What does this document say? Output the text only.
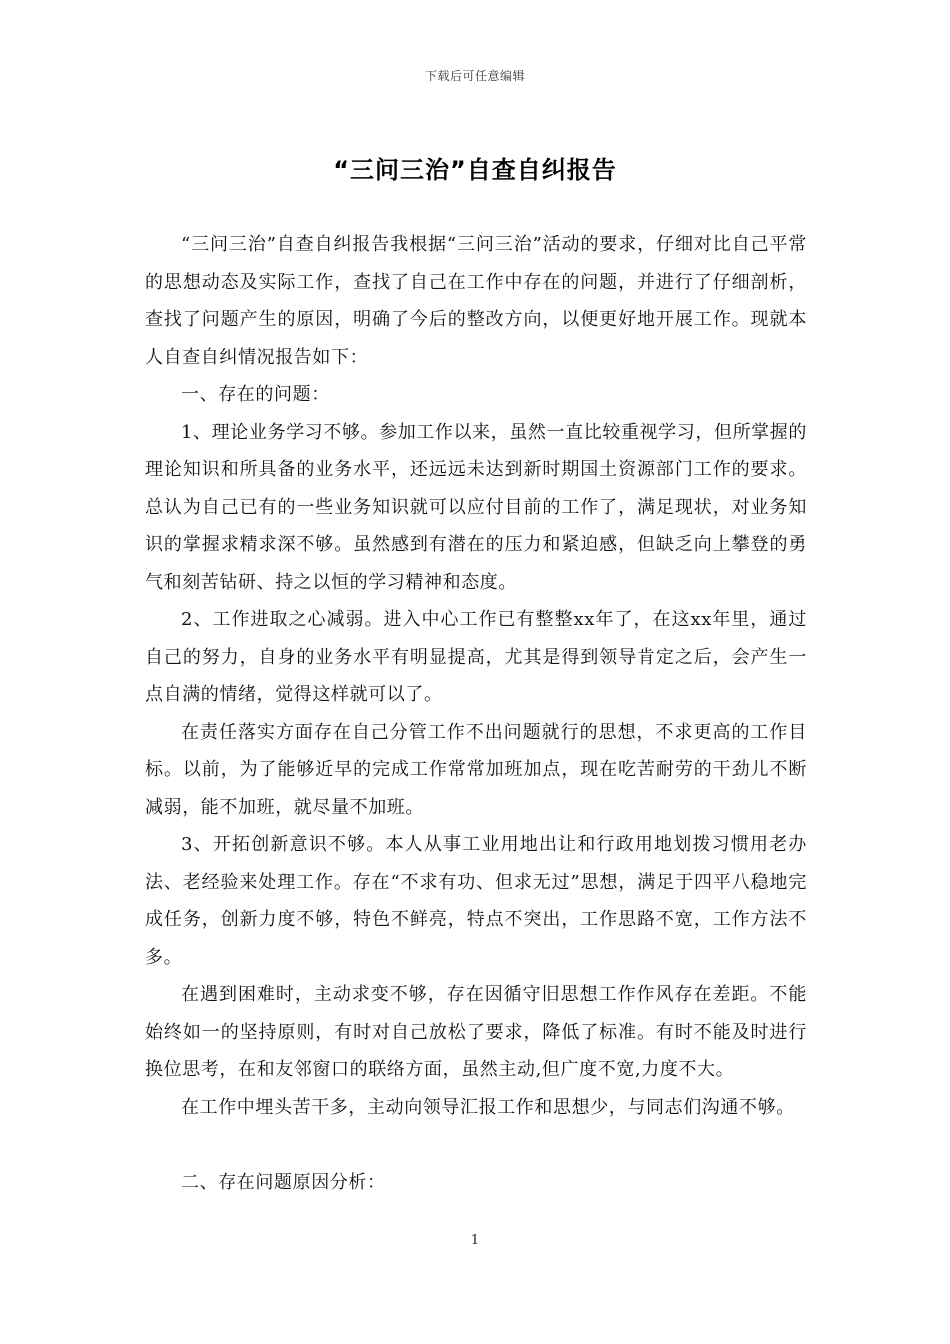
下载后可任意编辑
“三问三治”自查自纠报告

“三问三治”自查自纠报告我根据“三问三治”活动的要求，仔细对比自己平常的思想动态及实际工作，查找了自己在工作中存在的问题，并进行了仔细剖析，查找了问题产生的原因，明确了今后的整改方向，以便更好地开展工作。现就本人自查自纠情况报告如下：

一、存在的问题：

1、理论业务学习不够。参加工作以来，虽然一直比较重视学习，但所掌握的理论知识和所具备的业务水平，还远远未达到新时期国土资源部门工作的要求。总认为自己已有的一些业务知识就可以应付目前的工作了，满足现状，对业务知识的掌握求精求深不够。虽然感到有潜在的压力和紧迫感，但缺乏向上攀登的勇气和刻苦钻研、持之以恒的学习精神和态度。

2、工作进取之心减弱。进入中心工作已有整整xx年了，在这xx年里，通过自己的努力，自身的业务水平有明显提高，尤其是得到领导肯定之后，会产生一点自满的情绪，觉得这样就可以了。

在责任落实方面存在自己分管工作不出问题就行的思想，不求更高的工作目标。以前，为了能够近早的完成工作常常加班加点，现在吃苦耐劳的干劲儿不断减弱，能不加班，就尽量不加班。

3、开拓创新意识不够。本人从事工业用地出让和行政用地划拨习惯用老办法、老经验来处理工作。存在“不求有功、但求无过”思想，满足于四平八稳地完成任务，创新力度不够，特色不鲜亮，特点不突出，工作思路不宽，工作方法不多。

在遇到困难时，主动求变不够，存在因循守旧思想工作作风存在差距。不能始终如一的坚持原则，有时对自己放松了要求，降低了标准。有时不能及时进行换位思考，在和友邻窗口的联络方面，虽然主动,但广度不宽,力度不大。

在工作中埋头苦干多，主动向领导汇报工作和思想少，与同志们沟通不够。

二、存在问题原因分析：

1
